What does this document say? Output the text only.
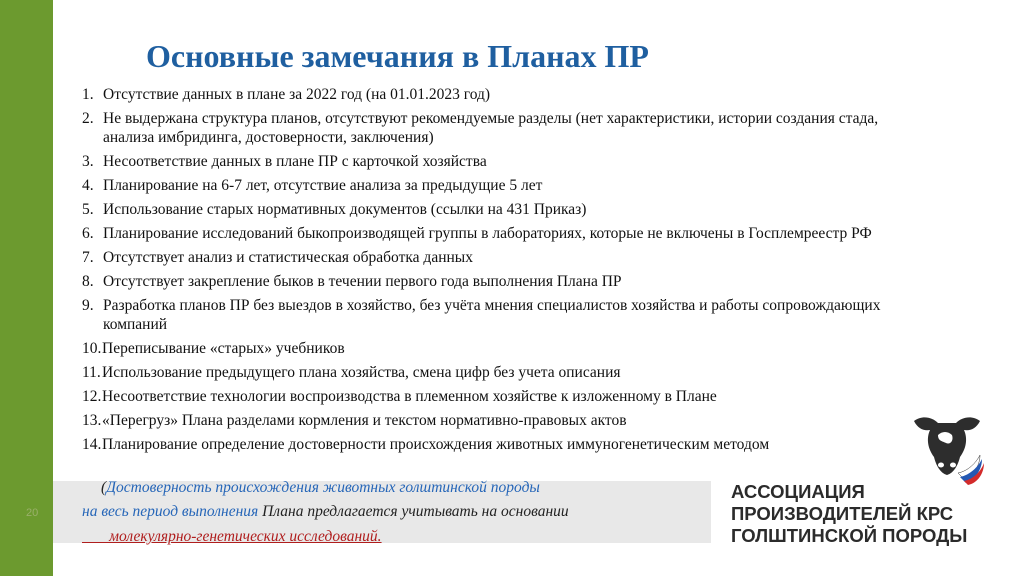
20
Основные замечания в Планах ПР
1. Отсутствие данных в плане за 2022 год (на 01.01.2023 год)
2. Не выдержана структура планов, отсутствуют рекомендуемые разделы (нет характеристики, истории создания стада, анализа имбридинга, достоверности, заключения)
3. Несоответствие данных в плане ПР с карточкой хозяйства
4. Планирование на 6-7 лет, отсутствие анализа за предыдущие 5 лет
5. Использование старых нормативных документов (ссылки на 431 Приказ)
6. Планирование исследований быкопроизводящей группы в лабораториях, которые не включены в Госплемреестр РФ
7. Отсутствует анализ и статистическая обработка данных
8. Отсутствует закрепление быков в течении первого года выполнения Плана ПР
9. Разработка планов ПР без выездов в хозяйство, без учёта мнения специалистов хозяйства и работы сопровождающих компаний
10. Переписывание «старых» учебников
11. Использование предыдущего плана хозяйства, смена цифр без учета описания
12. Несоответствие технологии воспроизводства в племенном хозяйстве к изложенному в Плане
13. «Перегруз» Плана разделами кормления и текстом нормативно-правовых актов
14. Планирование определение достоверности происхождения животных иммуногенетическим методом
(Достоверность происхождения животных голштинской породы
на весь период выполнения Плана предлагается учитывать на основании
молекулярно-генетических исследований.
АССОЦИАЦИЯ
ПРОИЗВОДИТЕЛЕЙ КРС
ГОЛШТИНСКОЙ ПОРОДЫ
